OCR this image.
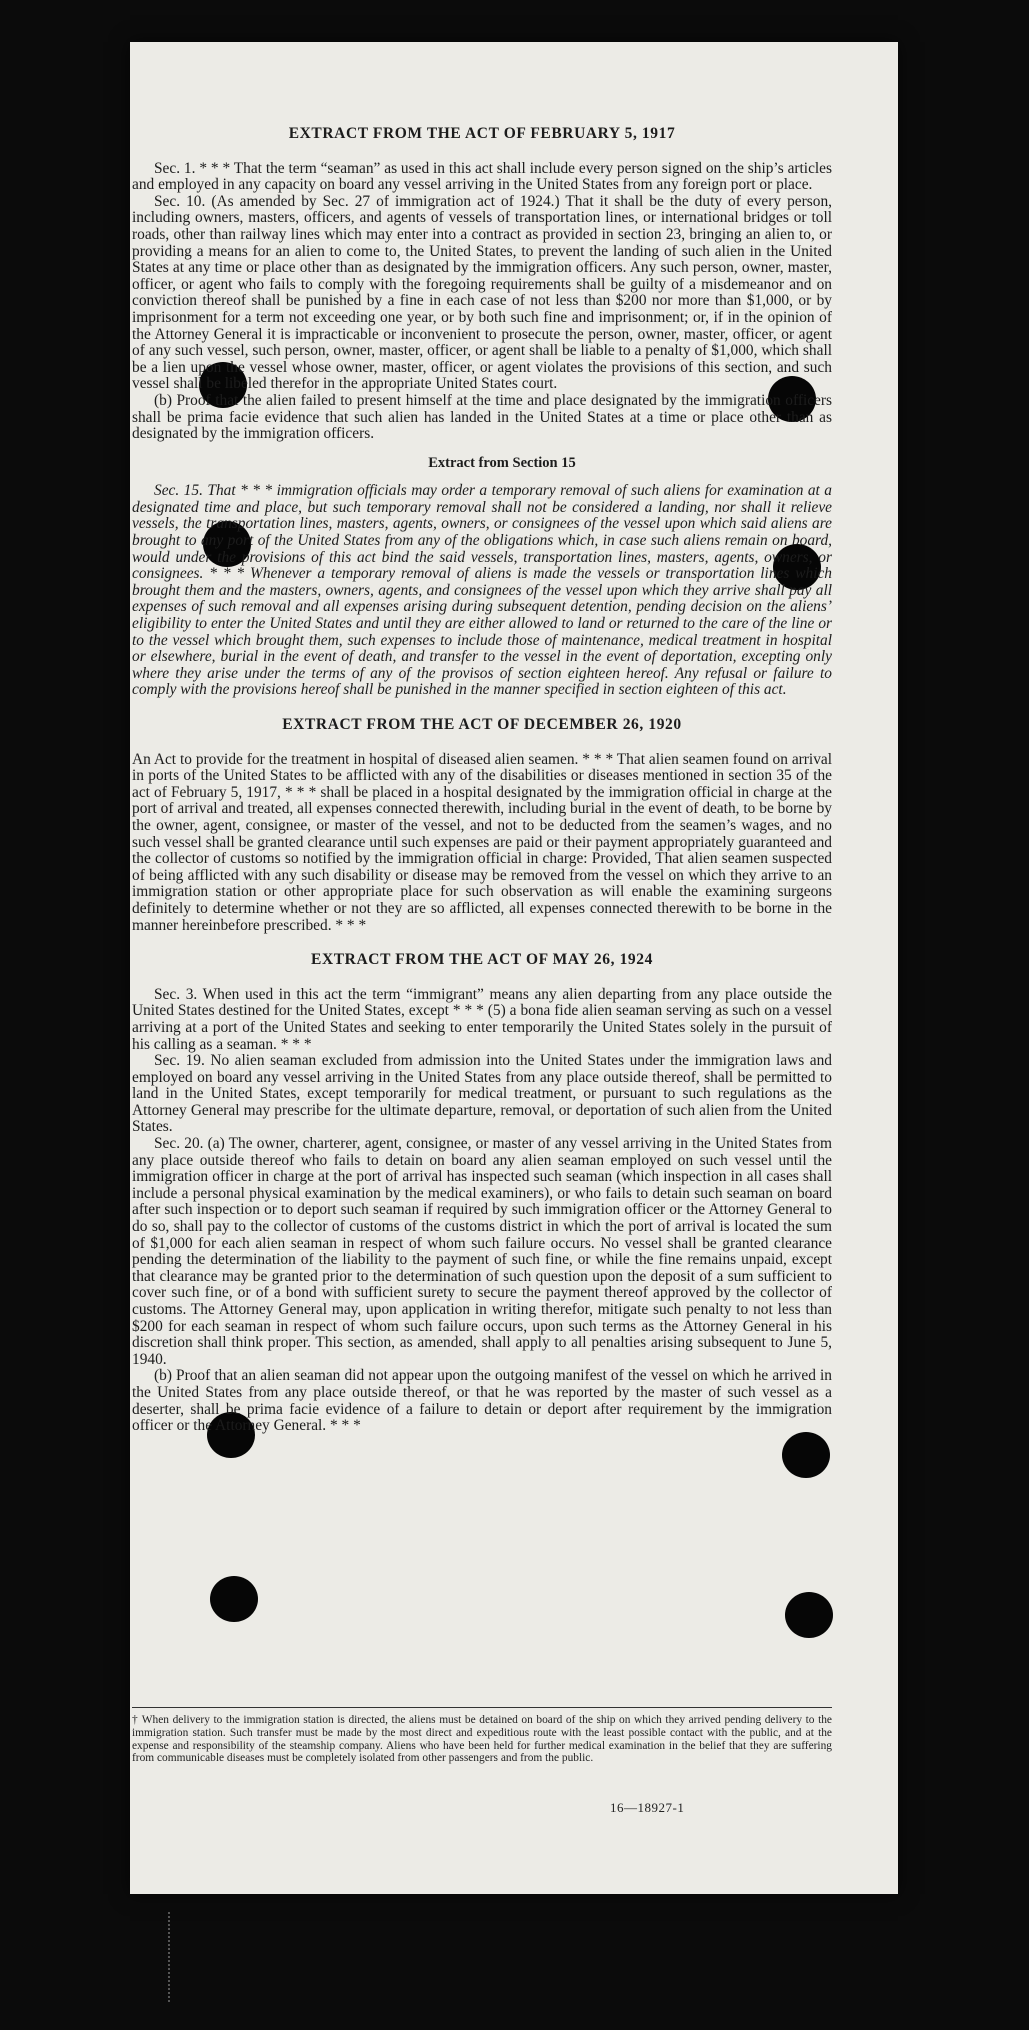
EXTRACT FROM THE ACT OF FEBRUARY 5, 1917

Sec. 1. * * * That the term “seaman” as used in this act shall include every person signed on the ship’s articles and employed in any capacity on board any vessel arriving in the United States from any foreign port or place.

Sec. 10. (As amended by Sec. 27 of immigration act of 1924.) That it shall be the duty of every person, including owners, masters, officers, and agents of vessels of transportation lines, or international bridges or toll roads, other than railway lines which may enter into a contract as provided in section 23, bringing an alien to, or providing a means for an alien to come to, the United States, to prevent the landing of such alien in the United States at any time or place other than as designated by the immigration officers. Any such person, owner, master, officer, or agent who fails to comply with the foregoing requirements shall be guilty of a misdemeanor and on conviction thereof shall be punished by a fine in each case of not less than $200 nor more than $1,000, or by imprisonment for a term not exceeding one year, or by both such fine and imprisonment; or, if in the opinion of the Attorney General it is impracticable or inconvenient to prosecute the person, owner, master, officer, or agent of any such vessel, such person, owner, master, officer, or agent shall be liable to a penalty of $1,000, which shall be a lien upon the vessel whose owner, master, officer, or agent violates the provisions of this section, and such vessel shall be libeled therefor in the appropriate United States court.

(b) Proof that the alien failed to present himself at the time and place designated by the immigration officers shall be prima facie evidence that such alien has landed in the United States at a time or place other than as designated by the immigration officers.

Extract from Section 15

Sec. 15. That * * * immigration officials may order a temporary removal of such aliens for examination at a designated time and place, but such temporary removal shall not be considered a landing, nor shall it relieve vessels, the transportation lines, masters, agents, owners, or consignees of the vessel upon which said aliens are brought to any port of the United States from any of the obligations which, in case such aliens remain on board, would under the provisions of this act bind the said vessels, transportation lines, masters, agents, owners, or consignees. * * * Whenever a temporary removal of aliens is made the vessels or transportation lines which brought them and the masters, owners, agents, and consignees of the vessel upon which they arrive shall pay all expenses of such removal and all expenses arising during subsequent detention, pending decision on the aliens’ eligibility to enter the United States and until they are either allowed to land or returned to the care of the line or to the vessel which brought them, such expenses to include those of maintenance, medical treatment in hospital or elsewhere, burial in the event of death, and transfer to the vessel in the event of deportation, excepting only where they arise under the terms of any of the provisos of section eighteen hereof. Any refusal or failure to comply with the provisions hereof shall be punished in the manner specified in section eighteen of this act.

EXTRACT FROM THE ACT OF DECEMBER 26, 1920

An Act to provide for the treatment in hospital of diseased alien seamen. * * * That alien seamen found on arrival in ports of the United States to be afflicted with any of the disabilities or diseases mentioned in section 35 of the act of February 5, 1917, * * * shall be placed in a hospital designated by the immigration official in charge at the port of arrival and treated, all expenses connected therewith, including burial in the event of death, to be borne by the owner, agent, consignee, or master of the vessel, and not to be deducted from the seamen’s wages, and no such vessel shall be granted clearance until such expenses are paid or their payment appropriately guaranteed and the collector of customs so notified by the immigration official in charge: Provided, That alien seamen suspected of being afflicted with any such disability or disease may be removed from the vessel on which they arrive to an immigration station or other appropriate place for such observation as will enable the examining surgeons definitely to determine whether or not they are so afflicted, all expenses connected therewith to be borne in the manner hereinbefore prescribed. * * *

EXTRACT FROM THE ACT OF MAY 26, 1924

Sec. 3. When used in this act the term “immigrant” means any alien departing from any place outside the United States destined for the United States, except * * * (5) a bona fide alien seaman serving as such on a vessel arriving at a port of the United States and seeking to enter temporarily the United States solely in the pursuit of his calling as a seaman. * * *

Sec. 19. No alien seaman excluded from admission into the United States under the immigration laws and employed on board any vessel arriving in the United States from any place outside thereof, shall be permitted to land in the United States, except temporarily for medical treatment, or pursuant to such regulations as the Attorney General may prescribe for the ultimate departure, removal, or deportation of such alien from the United States.

Sec. 20. (a) The owner, charterer, agent, consignee, or master of any vessel arriving in the United States from any place outside thereof who fails to detain on board any alien seaman employed on such vessel until the immigration officer in charge at the port of arrival has inspected such seaman (which inspection in all cases shall include a personal physical examination by the medical examiners), or who fails to detain such seaman on board after such inspection or to deport such seaman if required by such immigration officer or the Attorney General to do so, shall pay to the collector of customs of the customs district in which the port of arrival is located the sum of $1,000 for each alien seaman in respect of whom such failure occurs. No vessel shall be granted clearance pending the determination of the liability to the payment of such fine, or while the fine remains unpaid, except that clearance may be granted prior to the determination of such question upon the deposit of a sum sufficient to cover such fine, or of a bond with sufficient surety to secure the payment thereof approved by the collector of customs. The Attorney General may, upon application in writing therefor, mitigate such penalty to not less than $200 for each seaman in respect of whom such failure occurs, upon such terms as the Attorney General in his discretion shall think proper. This section, as amended, shall apply to all penalties arising subsequent to June 5, 1940.

(b) Proof that an alien seaman did not appear upon the outgoing manifest of the vessel on which he arrived in the United States from any place outside thereof, or that he was reported by the master of such vessel as a deserter, shall be prima facie evidence of a failure to detain or deport after requirement by the immigration officer or the Attorney General. * * *

† When delivery to the immigration station is directed, the aliens must be detained on board of the ship on which they arrived pending delivery to the immigration station. Such transfer must be made by the most direct and expeditious route with the least possible contact with the public, and at the expense and responsibility of the steamship company. Aliens who have been held for further medical examination in the belief that they are suffering from communicable diseases must be completely isolated from other passengers and from the public.
16—18927-1
